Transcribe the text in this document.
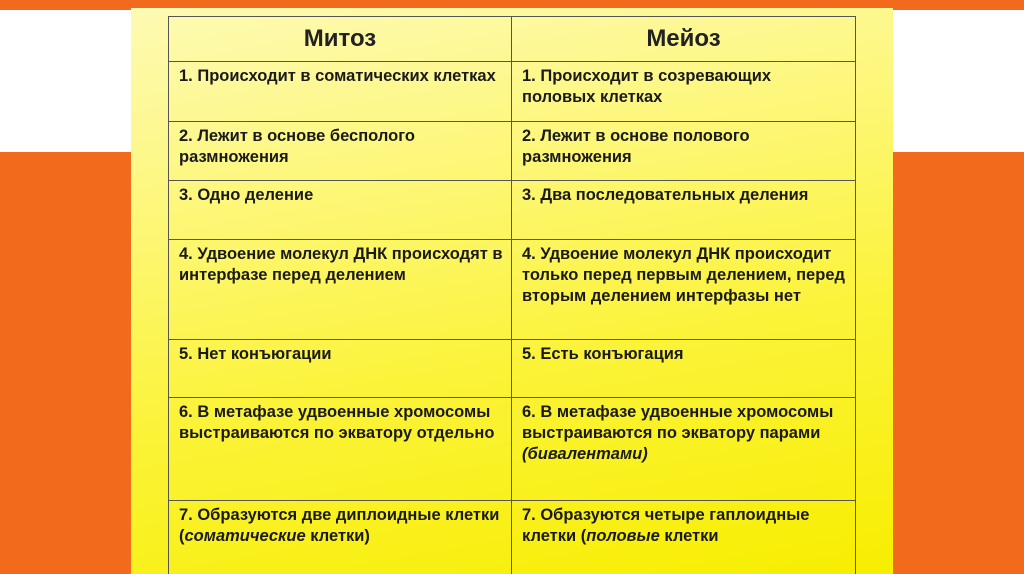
Митоз	Мейоз
1. Происходит в соматических клетках	1. Происходит в созревающих половых клетках
2. Лежит в основе бесполого размножения	2. Лежит в основе полового размножения
3. Одно деление	3. Два последовательных деления
4. Удвоение молекул ДНК происходят в интерфазе перед делением	4. Удвоение молекул ДНК происходит только перед первым делением, перед вторым делением интерфазы нет
5. Нет конъюгации	5. Есть конъюгация
6. В метафазе удвоенные хромосомы выстраиваются по экватору отдельно	6. В метафазе удвоенные хромосомы выстраиваются по экватору парами (бивалентами)
7. Образуются две диплоидные клетки (соматические клетки)	7. Образуются четыре гаплоидные клетки (половые клетки
